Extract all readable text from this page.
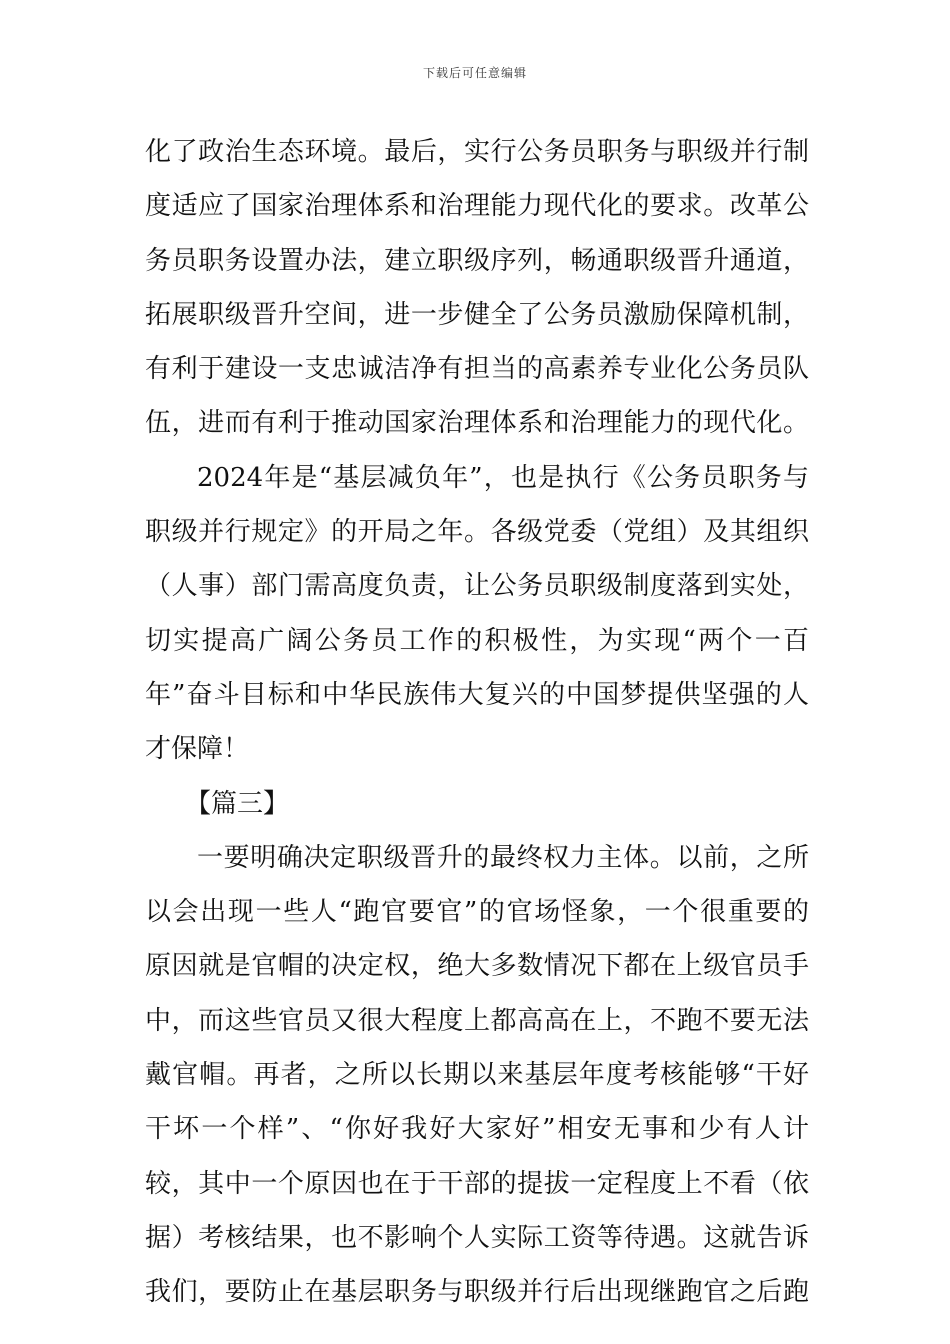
下载后可任意编辑
化了政治生态环境。最后，实行公务员职务与职级并行制
度适应了国家治理体系和治理能力现代化的要求。改革公
务员职务设置办法，建立职级序列，畅通职级晋升通道，
拓展职级晋升空间，进一步健全了公务员激励保障机制，
有利于建设一支忠诚洁净有担当的高素养专业化公务员队
伍，进而有利于推动国家治理体系和治理能力的现代化。
2024年是“基层减负年”，也是执行《公务员职务与
职级并行规定》的开局之年。各级党委（党组）及其组织
（人事）部门需高度负责，让公务员职级制度落到实处，
切实提高广阔公务员工作的积极性，为实现“两个一百
年”奋斗目标和中华民族伟大复兴的中国梦提供坚强的人
才保障！
【篇三】
一要明确决定职级晋升的最终权力主体。以前，之所
以会出现一些人“跑官要官”的官场怪象，一个很重要的
原因就是官帽的决定权，绝大多数情况下都在上级官员手
中，而这些官员又很大程度上都高高在上，不跑不要无法
戴官帽。再者，之所以长期以来基层年度考核能够“干好
干坏一个样”、“你好我好大家好”相安无事和少有人计
较，其中一个原因也在于干部的提拔一定程度上不看（依
据）考核结果，也不影响个人实际工资等待遇。这就告诉
我们，要防止在基层职务与职级并行后出现继跑官之后跑
